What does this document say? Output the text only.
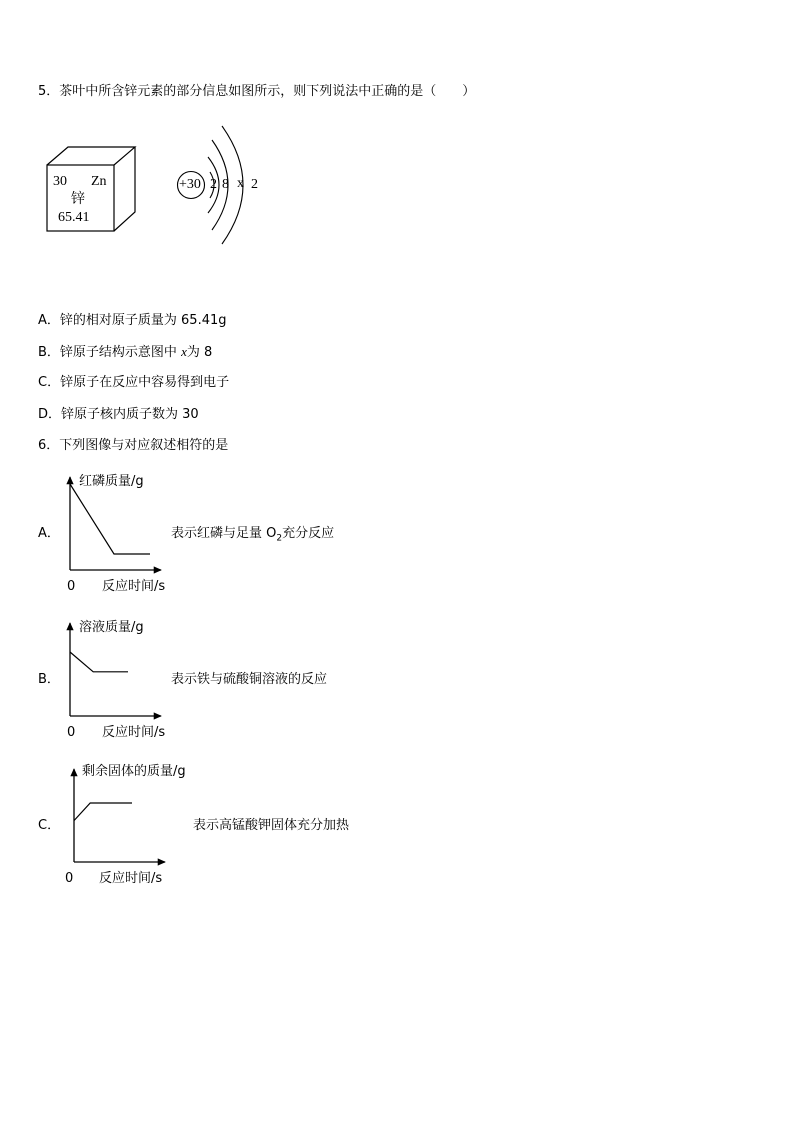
5．茶叶中所含锌元素的部分信息如图所示，则下列说法中正确的是（　　）
30 Zn
锌
65.41
+30 2 8 x 2
A．锌的相对原子质量为 65.41g
B．锌原子结构示意图中 x为 8
C．锌原子在反应中容易得到电子
D．锌原子核内质子数为 30
6．下列图像与对应叙述相符的是
A．
红磷质量/g
0 反应时间/s
表示红磷与足量 $O_2$充分反应
B．
溶液质量/g
0 反应时间/s
表示铁与硫酸铜溶液的反应
C．
剩余固体的质量/g
0 反应时间/s
表示高锰酸钾固体充分加热
